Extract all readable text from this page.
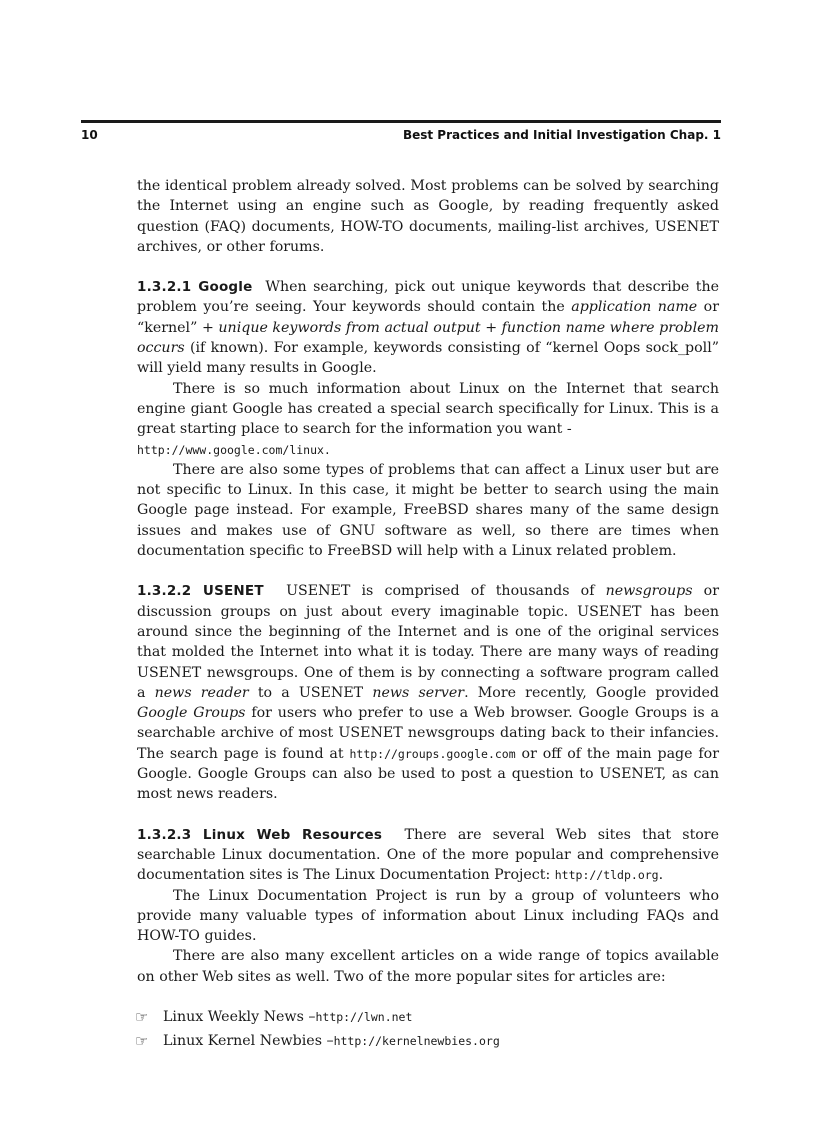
10	Best Practices and Initial Investigation Chap. 1

the identical problem already solved. Most problems can be solved by searching the Internet using an engine such as Google, by reading frequently asked question (FAQ) documents, HOW-TO documents, mailing-list archives, USENET archives, or other forums.

1.3.2.1 Google When searching, pick out unique keywords that describe the problem you’re seeing. Your keywords should contain the application name or “kernel” + unique keywords from actual output + function name where problem occurs (if known). For example, keywords consisting of “kernel Oops sock_poll” will yield many results in Google.

There is so much information about Linux on the Internet that search engine giant Google has created a special search specifically for Linux. This is a great starting place to search for the information you want -

http://www.google.com/linux.

There are also some types of problems that can affect a Linux user but are not specific to Linux. In this case, it might be better to search using the main Google page instead. For example, FreeBSD shares many of the same design issues and makes use of GNU software as well, so there are times when documentation specific to FreeBSD will help with a Linux related problem.

1.3.2.2 USENET USENET is comprised of thousands of newsgroups or discussion groups on just about every imaginable topic. USENET has been around since the beginning of the Internet and is one of the original services that molded the Internet into what it is today. There are many ways of reading USENET newsgroups. One of them is by connecting a software program called a news reader to a USENET news server. More recently, Google provided Google Groups for users who prefer to use a Web browser. Google Groups is a searchable archive of most USENET newsgroups dating back to their infancies. The search page is found at http://groups.google.com or off of the main page for Google. Google Groups can also be used to post a question to USENET, as can most news readers.

1.3.2.3 Linux Web Resources There are several Web sites that store searchable Linux documentation. One of the more popular and comprehensive documentation sites is The Linux Documentation Project: http://tldp.org.

The Linux Documentation Project is run by a group of volunteers who provide many valuable types of information about Linux including FAQs and HOW-TO guides.

There are also many excellent articles on a wide range of topics available on other Web sites as well. Two of the more popular sites for articles are:

☞	Linux Weekly News – http://lwn.net
☞	Linux Kernel Newbies – http://kernelnewbies.org
